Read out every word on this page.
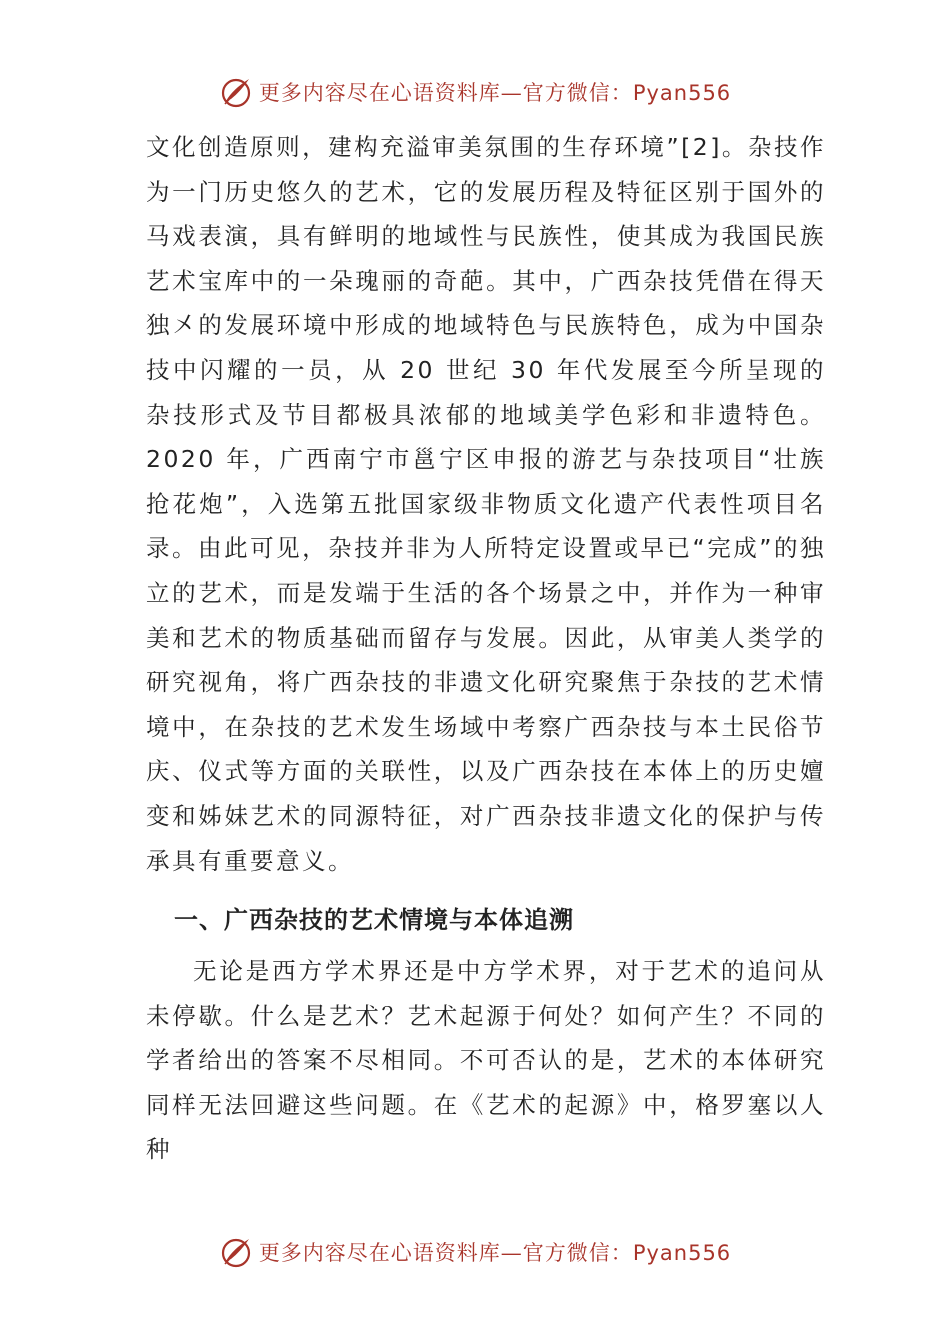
更多内容尽在心语资料库—官方微信：Pyan556

文化创造原则，建构充溢审美氛围的生存环境”[2]。杂技作为一门历史悠久的艺术，它的发展历程及特征区别于国外的马戏表演，具有鲜明的地域性与民族性，使其成为我国民族艺术宝库中的一朵瑰丽的奇葩。其中，广西杂技凭借在得天独㐅的发展环境中形成的地域特色与民族特色，成为中国杂技中闪耀的一员，从 20 世纪 30 年代发展至今所呈现的杂技形式及节目都极具浓郁的地域美学色彩和非遗特色。2020 年，广西南宁市邕宁区申报的游艺与杂技项目“壮族抢花炮”，入选第五批国家级非物质文化遗产代表性项目名录。由此可见，杂技并非为人所特定设置或早已“完成”的独立的艺术，而是发端于生活的各个场景之中，并作为一种审美和艺术的物质基础而留存与发展。因此，从审美人类学的研究视角，将广西杂技的非遗文化研究聚焦于杂技的艺术情境中，在杂技的艺术发生场域中考察广西杂技与本土民俗节庆、仪式等方面的关联性，以及广西杂技在本体上的历史嬗变和姊妹艺术的同源特征，对广西杂技非遗文化的保护与传承具有重要意义。

一、广西杂技的艺术情境与本体追溯

无论是西方学术界还是中方学术界，对于艺术的追问从未停歇。什么是艺术？艺术起源于何处？如何产生？不同的学者给出的答案不尽相同。不可否认的是，艺术的本体研究同样无法回避这些问题。在《艺术的起源》中，格罗塞以人种

更多内容尽在心语资料库—官方微信：Pyan556
